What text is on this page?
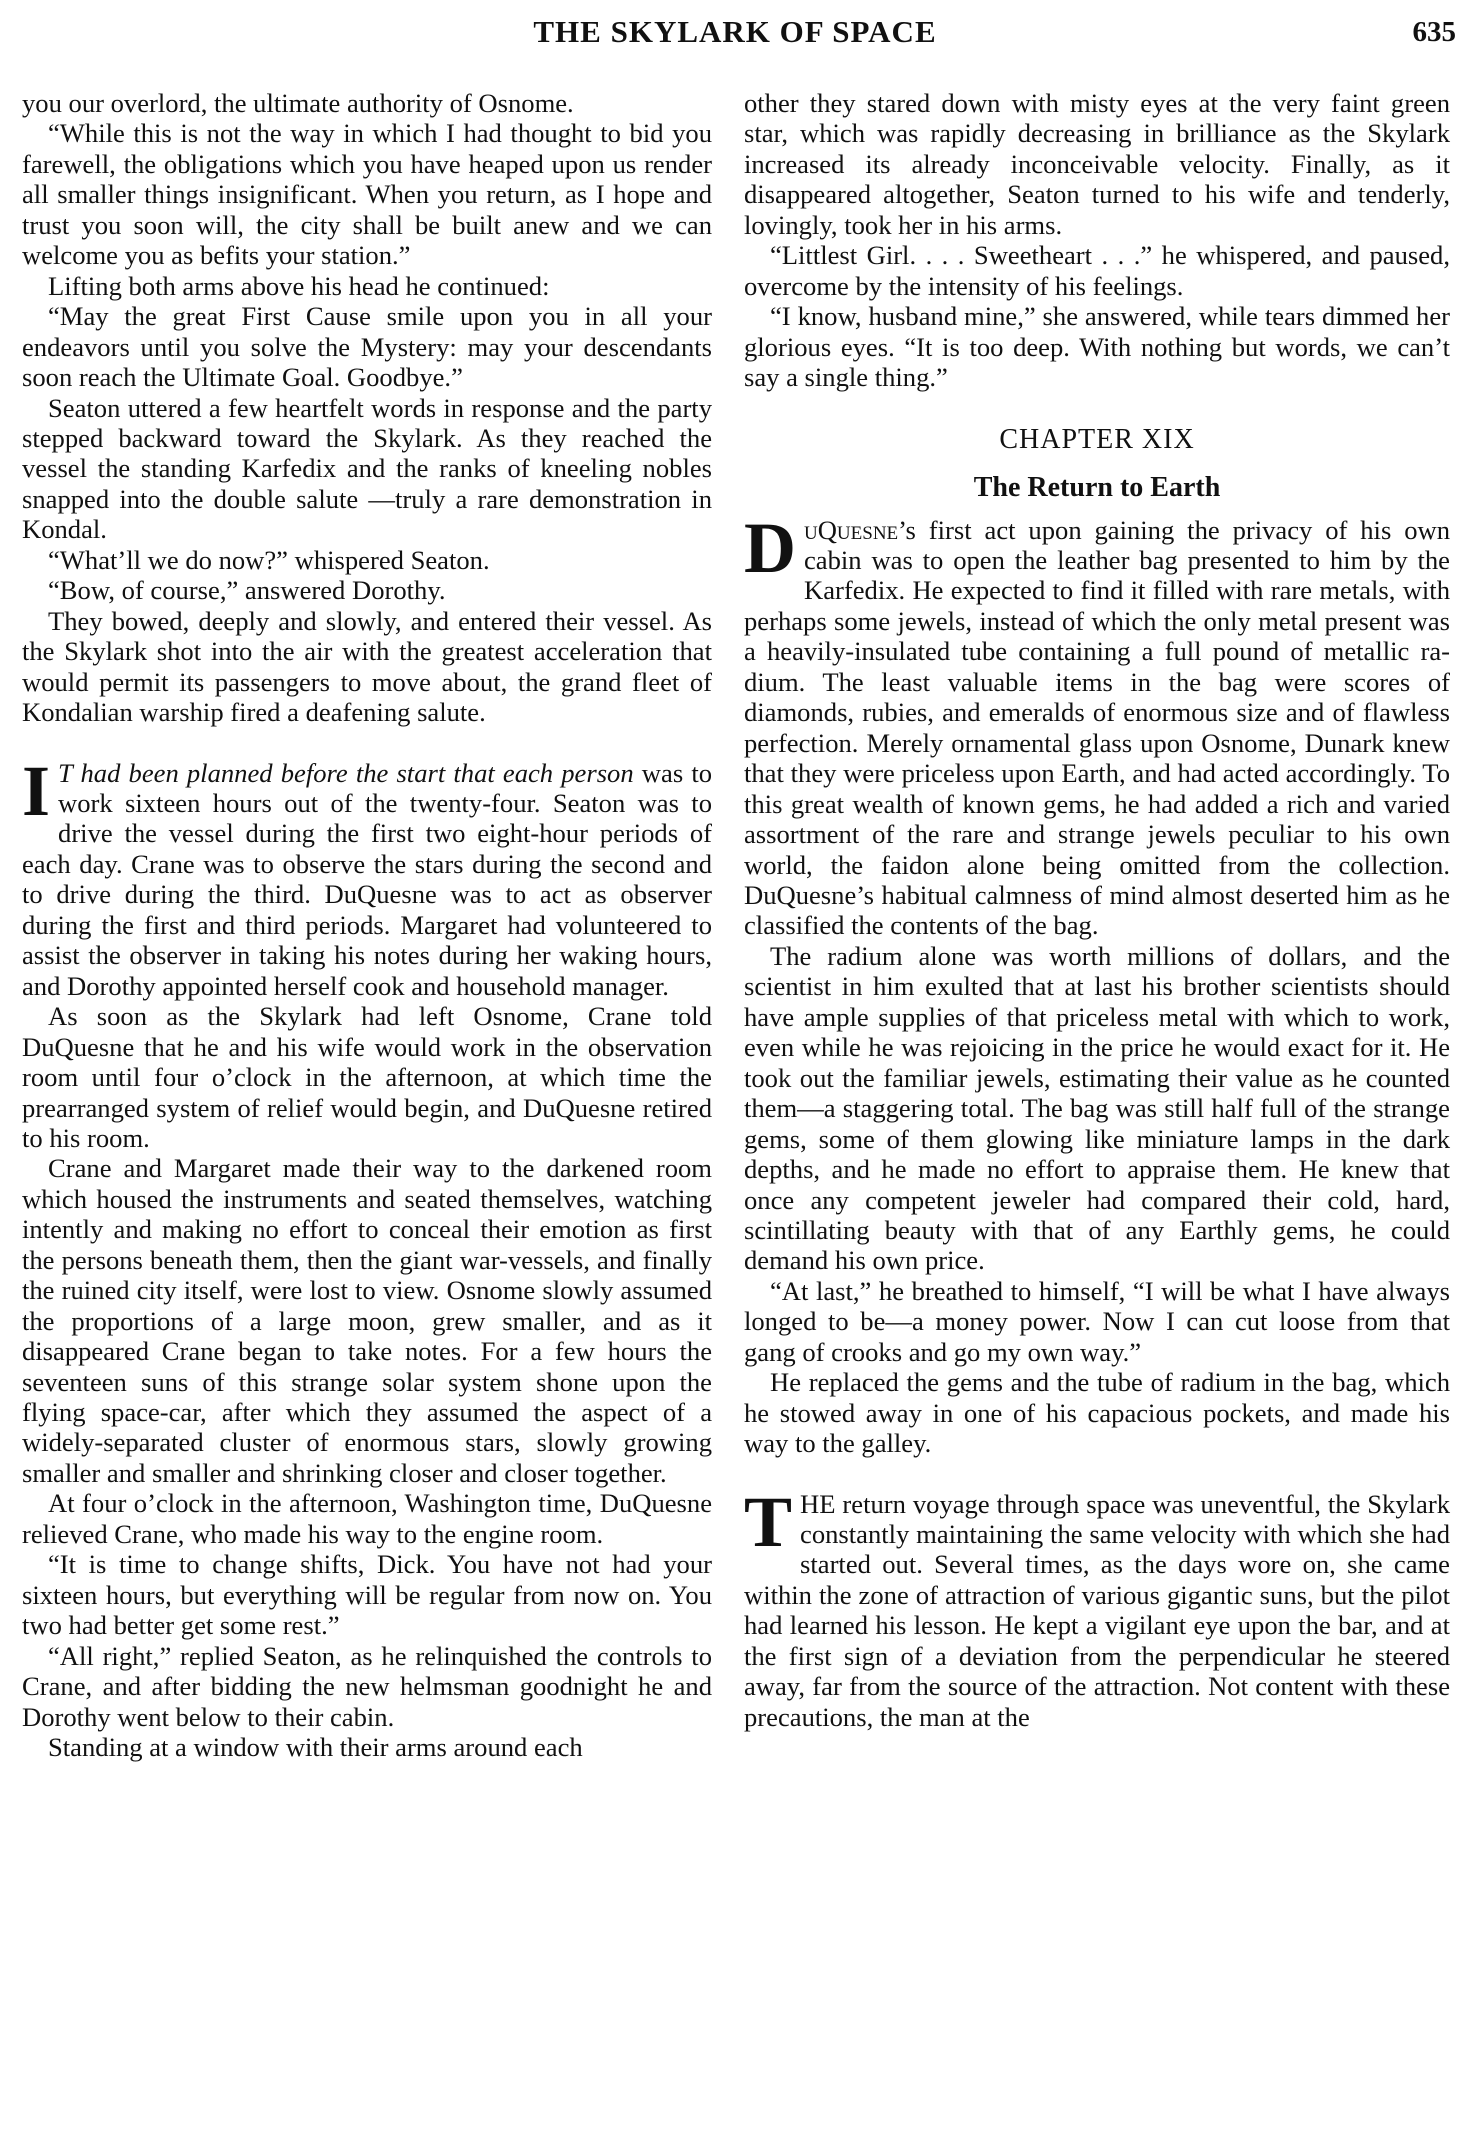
THE SKYLARK OF SPACE	635

you our overlord, the ultimate authority of Osnome.

“While this is not the way in which I had thought to bid you farewell, the obligations which you have heaped upon us render all smaller things insignificant. When you return, as I hope and trust you soon will, the city shall be built anew and we can welcome you as befits your station.”

Lifting both arms above his head he continued:

“May the great First Cause smile upon you in all your endeavors until you solve the Mystery: may your descendants soon reach the Ultimate Goal. Goodbye.”

Seaton uttered a few heartfelt words in response and the party stepped backward toward the Skylark. As they reached the vessel the standing Karfedix and the ranks of kneeling nobles snapped into the double salute —truly a rare demonstration in Kondal.

“What’ll we do now?” whispered Seaton.

“Bow, of course,” answered Dorothy.

They bowed, deeply and slowly, and entered their vessel. As the Skylark shot into the air with the greatest acceleration that would permit its passengers to move about, the grand fleet of Kondalian warship fired a deafening salute.

I T had been planned before the start that each person was to work sixteen hours out of the twenty-four. Seaton was to drive the vessel during the first two eight-hour periods of each day. Crane was to observe the stars during the second and to drive during the third. DuQuesne was to act as observer during the first and third periods. Margaret had volunteered to assist the observer in taking his notes during her waking hours, and Dorothy appointed herself cook and household manager.

As soon as the Skylark had left Osnome, Crane told DuQuesne that he and his wife would work in the observation room until four o’clock in the afternoon, at which time the prearranged system of relief would begin, and DuQuesne retired to his room.

Crane and Margaret made their way to the darkened room which housed the instruments and seated themselves, watching intently and making no effort to conceal their emotion as first the persons beneath them, then the giant war-vessels, and finally the ruined city itself, were lost to view. Osnome slowly assumed the proportions of a large moon, grew smaller, and as it disappeared Crane began to take notes. For a few hours the seventeen suns of this strange solar system shone upon the flying space-car, after which they assumed the aspect of a widely-separated cluster of enormous stars, slowly growing smaller and smaller and shrinking closer and closer together.

At four o’clock in the afternoon, Washington time, DuQuesne relieved Crane, who made his way to the engine room.

“It is time to change shifts, Dick. You have not had your sixteen hours, but everything will be regular from now on. You two had better get some rest.”

“All right,” replied Seaton, as he relinquished the controls to Crane, and after bidding the new helmsman goodnight he and Dorothy went below to their cabin.

Standing at a window with their arms around each

other they stared down with misty eyes at the very faint green star, which was rapidly decreasing in brilliance as the Skylark increased its already inconceivable velocity. Finally, as it disappeared altogether, Seaton turned to his wife and tenderly, lovingly, took her in his arms.

“Littlest Girl. . . . Sweetheart . . .” he whispered, and paused, overcome by the intensity of his feelings.

“I know, husband mine,” she answered, while tears dimmed her glorious eyes. “It is too deep. With nothing but words, we can’t say a single thing.”

CHAPTER XIX
The Return to Earth

DuQuesne’s first act upon gaining the privacy of his own cabin was to open the leather bag presented to him by the Karfedix. He expected to find it filled with rare metals, with perhaps some jewels, instead of which the only metal present was a heavily-insulated tube containing a full pound of metallic radium. The least valuable items in the bag were scores of diamonds, rubies, and emeralds of enormous size and of flawless perfection. Merely ornamental glass upon Osnome, Dunark knew that they were priceless upon Earth, and had acted accordingly. To this great wealth of known gems, he had added a rich and varied assortment of the rare and strange jewels peculiar to his own world, the faidon alone being omitted from the collection. DuQuesne’s habitual calmness of mind almost deserted him as he classified the contents of the bag.

The radium alone was worth millions of dollars, and the scientist in him exulted that at last his brother scientists should have ample supplies of that priceless metal with which to work, even while he was rejoicing in the price he would exact for it. He took out the familiar jewels, estimating their value as he counted them—a staggering total. The bag was still half full of the strange gems, some of them glowing like miniature lamps in the dark depths, and he made no effort to appraise them. He knew that once any competent jeweler had compared their cold, hard, scintillating beauty with that of any Earthly gems, he could demand his own price.

“At last,” he breathed to himself, “I will be what I have always longed to be—a money power. Now I can cut loose from that gang of crooks and go my own way.”

He replaced the gems and the tube of radium in the bag, which he stowed away in one of his capacious pockets, and made his way to the galley.

THE return voyage through space was uneventful, the Skylark constantly maintaining the same velocity with which she had started out. Several times, as the days wore on, she came within the zone of attraction of various gigantic suns, but the pilot had learned his lesson. He kept a vigilant eye upon the bar, and at the first sign of a deviation from the perpendicular he steered away, far from the source of the attraction. Not content with these precautions, the man at the
